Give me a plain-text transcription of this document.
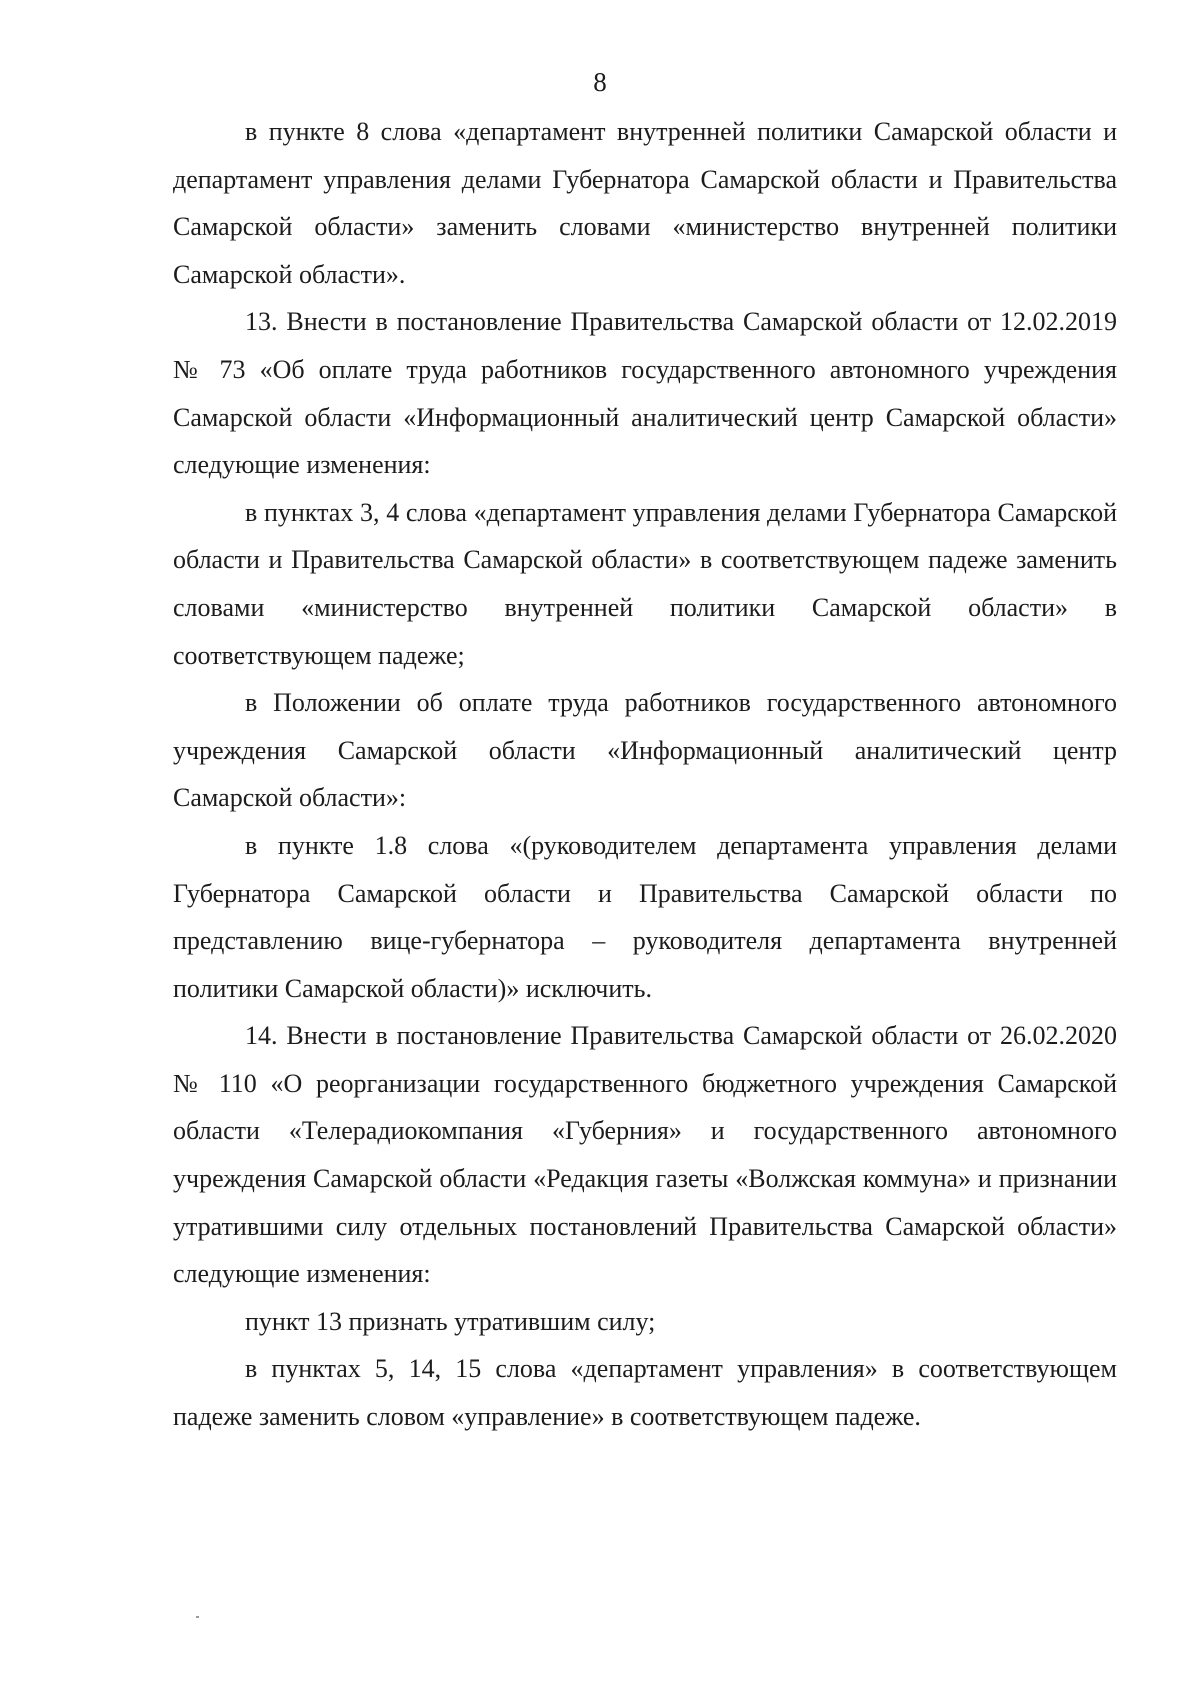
8

в пункте 8 слова «департамент внутренней политики Самарской области и департамент управления делами Губернатора Самарской области и Правительства Самарской области» заменить словами «министерство внутренней политики Самарской области».

13. Внести в постановление Правительства Самарской области от 12.02.2019 № 73 «Об оплате труда работников государственного автономного учреждения Самарской области «Информационный аналитический центр Самарской области» следующие изменения:

в пунктах 3, 4 слова «департамент управления делами Губернатора Самарской области и Правительства Самарской области» в соответствующем падеже заменить словами «министерство внутренней политики Самарской области» в соответствующем падеже;

в Положении об оплате труда работников государственного автономного учреждения Самарской области «Информационный аналитический центр Самарской области»:

в пункте 1.8 слова «(руководителем департамента управления делами Губернатора Самарской области и Правительства Самарской области по представлению вице-губернатора – руководителя департамента внутренней политики Самарской области)» исключить.

14. Внести в постановление Правительства Самарской области от 26.02.2020 № 110 «О реорганизации государственного бюджетного учреждения Самарской области «Телерадиокомпания «Губерния» и государственного автономного учреждения Самарской области «Редакция газеты «Волжская коммуна» и признании утратившими силу отдельных постановлений Правительства Самарской области» следующие изменения:

пункт 13 признать утратившим силу;

в пунктах 5, 14, 15 слова «департамент управления» в соответствующем падеже заменить словом «управление» в соответствующем падеже.
